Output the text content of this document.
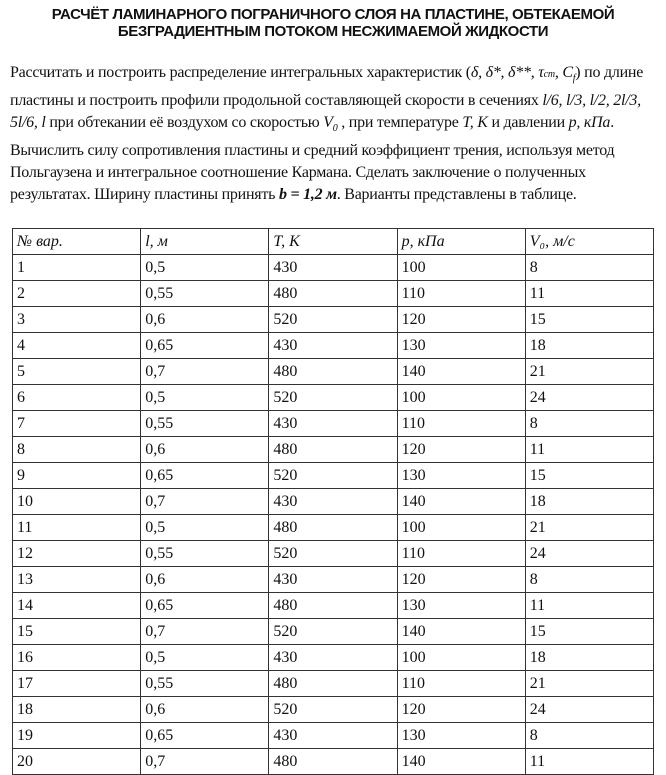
РАСЧЁТ ЛАМИНАРНОГО ПОГРАНИЧНОГО СЛОЯ НА ПЛАСТИНЕ, ОБТЕКАЕМОЙ
БЕЗГРАДИЕНТНЫМ ПОТОКОМ НЕСЖИМАЕМОЙ ЖИДКОСТИ
Рассчитать и построить распределение интегральных характеристик (δ, δ*, δ**, τст, $C_f$) по длине пластины и построить профили продольной составляющей скорости в сечениях l/6, l/3, l/2, 2l/3, 5l/6, l при обтекании её воздухом со скоростью $V_0$ , при температуре T, K и давлении p, кПа. Вычислить силу сопротивления пластины и средний коэффициент трения, используя метод Польгаузена и интегральное соотношение Кармана. Сделать заключение о полученных результатах. Ширину пластины принять b = 1,2 м. Варианты представлены в таблице.
№ вар.	l, м	T, K	p, кПа	V₀, м/с
1	0,5	430	100	8
2	0,55	480	110	11
3	0,6	520	120	15
4	0,65	430	130	18
5	0,7	480	140	21
6	0,5	520	100	24
7	0,55	430	110	8
8	0,6	480	120	11
9	0,65	520	130	15
10	0,7	430	140	18
11	0,5	480	100	21
12	0,55	520	110	24
13	0,6	430	120	8
14	0,65	480	130	11
15	0,7	520	140	15
16	0,5	430	100	18
17	0,55	480	110	21
18	0,6	520	120	24
19	0,65	430	130	8
20	0,7	480	140	11
